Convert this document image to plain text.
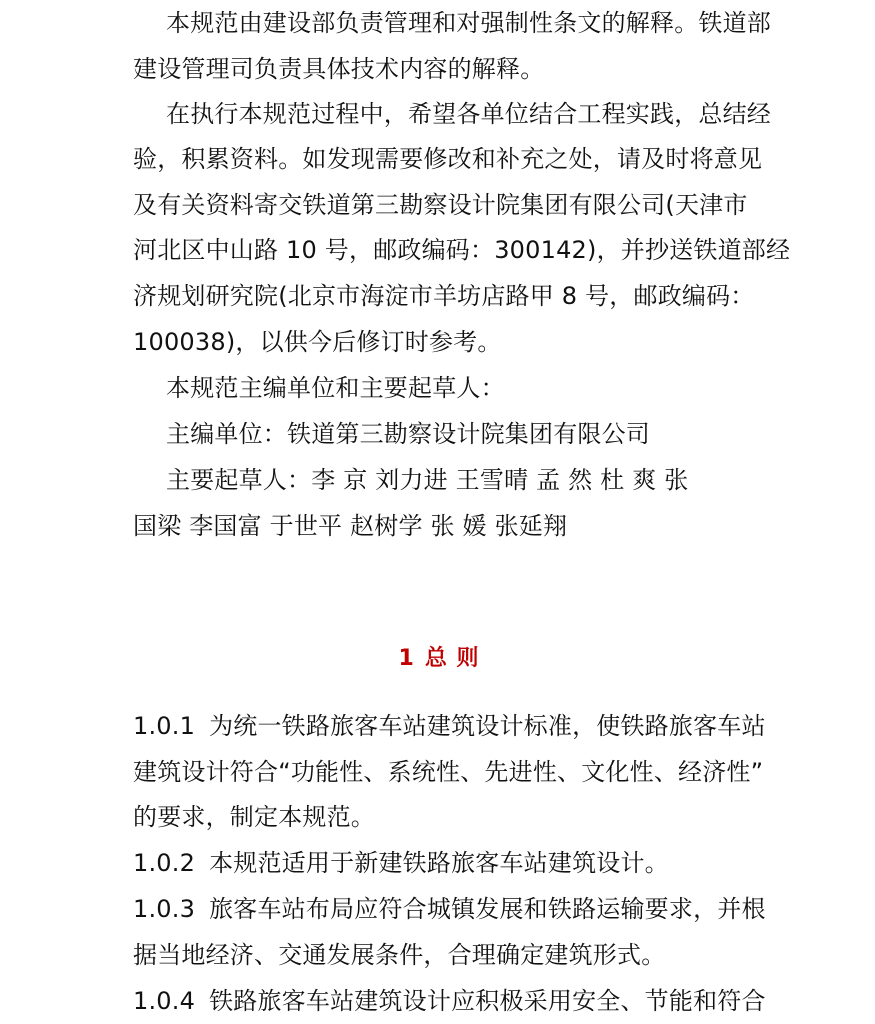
本规范由建设部负责管理和对强制性条文的解释。铁道部
建设管理司负责具体技术内容的解释。
在执行本规范过程中，希望各单位结合工程实践，总结经
验，积累资料。如发现需要修改和补充之处，请及时将意见
及有关资料寄交铁道第三勘察设计院集团有限公司(天津市
河北区中山路 10 号，邮政编码：300142)，并抄送铁道部经
济规划研究院(北京市海淀市羊坊店路甲 8 号，邮政编码：
100038)，以供今后修订时参考。
本规范主编单位和主要起草人：
主编单位：铁道第三勘察设计院集团有限公司
主要起草人：李 京 刘力进 王雪晴 孟 然 杜 爽 张
国梁 李国富 于世平 赵树学 张 媛 张延翔
1 总 则
1.0.1 为统一铁路旅客车站建筑设计标准，使铁路旅客车站
建筑设计符合“功能性、系统性、先进性、文化性、经济性”
的要求，制定本规范。
1.0.2 本规范适用于新建铁路旅客车站建筑设计。
1.0.3 旅客车站布局应符合城镇发展和铁路运输要求，并根
据当地经济、交通发展条件，合理确定建筑形式。
1.0.4 铁路旅客车站建筑设计应积极采用安全、节能和符合
